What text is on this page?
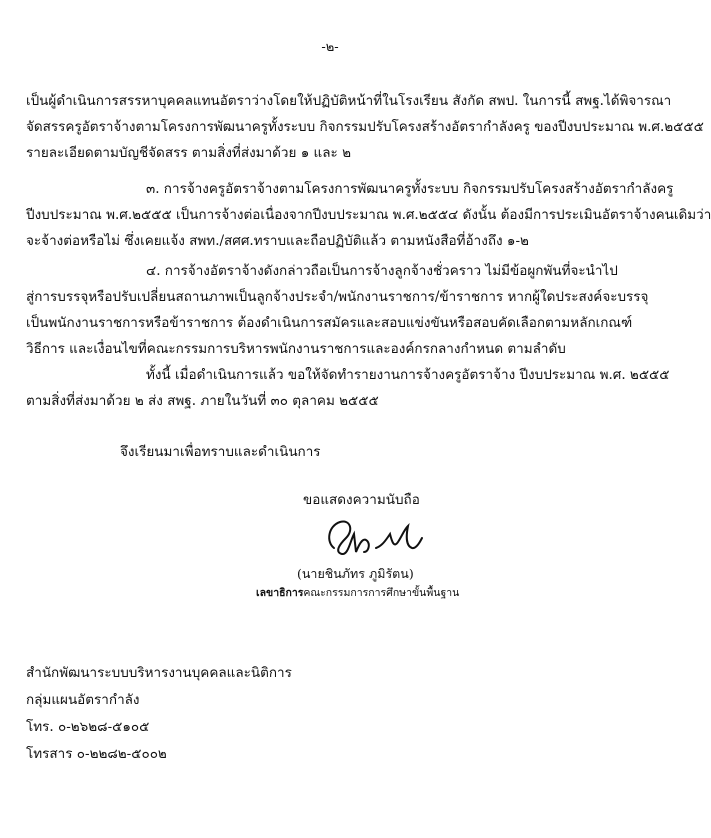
-๒-
เป็นผู้ดำเนินการสรรหาบุคคลแทนอัตราว่างโดยให้ปฏิบัติหน้าที่ในโรงเรียน สังกัด สพป. ในการนี้ สพฐ.ได้พิจารณา
จัดสรรครูอัตราจ้างตามโครงการพัฒนาครูทั้งระบบ กิจกรรมปรับโครงสร้างอัตรากำลังครู ของปีงบประมาณ พ.ศ.๒๕๕๕
รายละเอียดตามบัญชีจัดสรร ตามสิ่งที่ส่งมาด้วย ๑ และ ๒
๓. การจ้างครูอัตราจ้างตามโครงการพัฒนาครูทั้งระบบ กิจกรรมปรับโครงสร้างอัตรากำลังครู
ปีงบประมาณ พ.ศ.๒๕๕๕ เป็นการจ้างต่อเนื่องจากปีงบประมาณ พ.ศ.๒๕๕๔ ดังนั้น ต้องมีการประเมินอัตราจ้างคนเดิมว่า
จะจ้างต่อหรือไม่ ซึ่งเคยแจ้ง สพท./สศศ.ทราบและถือปฏิบัติแล้ว ตามหนังสือที่อ้างถึง ๑-๒
๔. การจ้างอัตราจ้างดังกล่าวถือเป็นการจ้างลูกจ้างชั่วคราว ไม่มีข้อผูกพันที่จะนำไป
สู่การบรรจุหรือปรับเปลี่ยนสถานภาพเป็นลูกจ้างประจำ/พนักงานราชการ/ข้าราชการ หากผู้ใดประสงค์จะบรรจุ
เป็นพนักงานราชการหรือข้าราชการ ต้องดำเนินการสมัครและสอบแข่งขันหรือสอบคัดเลือกตามหลักเกณฑ์
วิธีการ และเงื่อนไขที่คณะกรรมการบริหารพนักงานราชการและองค์กรกลางกำหนด ตามลำดับ
ทั้งนี้ เมื่อดำเนินการแล้ว ขอให้จัดทำรายงานการจ้างครูอัตราจ้าง ปีงบประมาณ พ.ศ. ๒๕๕๕
ตามสิ่งที่ส่งมาด้วย ๒ ส่ง สพฐ. ภายในวันที่ ๓๐ ตุลาคม ๒๕๕๕
จึงเรียนมาเพื่อทราบและดำเนินการ
ขอแสดงความนับถือ
(นายชินภัทร ภูมิรัตน)
เลขาธิการคณะกรรมการการศึกษาขั้นพื้นฐาน
สำนักพัฒนาระบบบริหารงานบุคคลและนิติการ
กลุ่มแผนอัตรากำลัง
โทร. ๐-๒๖๒๘-๕๑๐๕
โทรสาร ๐-๒๒๘๒-๕๐๐๒
